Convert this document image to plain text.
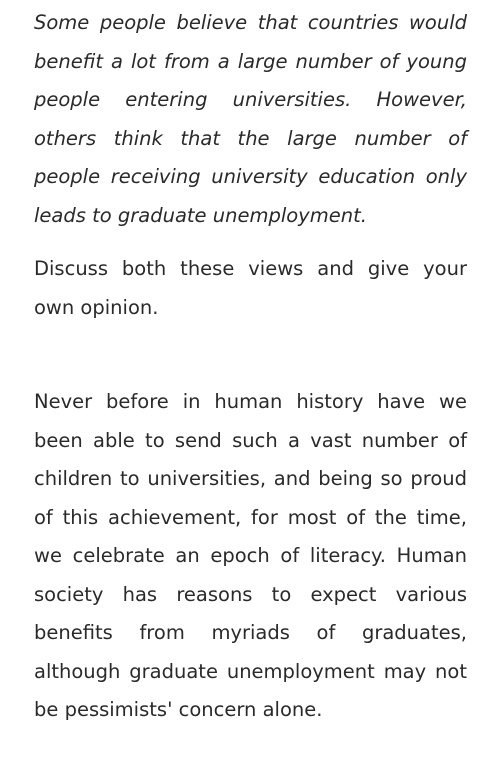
Some people believe that countries would benefit a lot from a large number of young people entering universities. However, others think that the large number of people receiving university education only leads to graduate unemployment.

Discuss both these views and give your own opinion.

Never before in human history have we been able to send such a vast number of children to universities, and being so proud of this achievement, for most of the time, we celebrate an epoch of literacy. Human society has reasons to expect various benefits from myriads of graduates, although graduate unemployment may not be pessimists' concern alone.
